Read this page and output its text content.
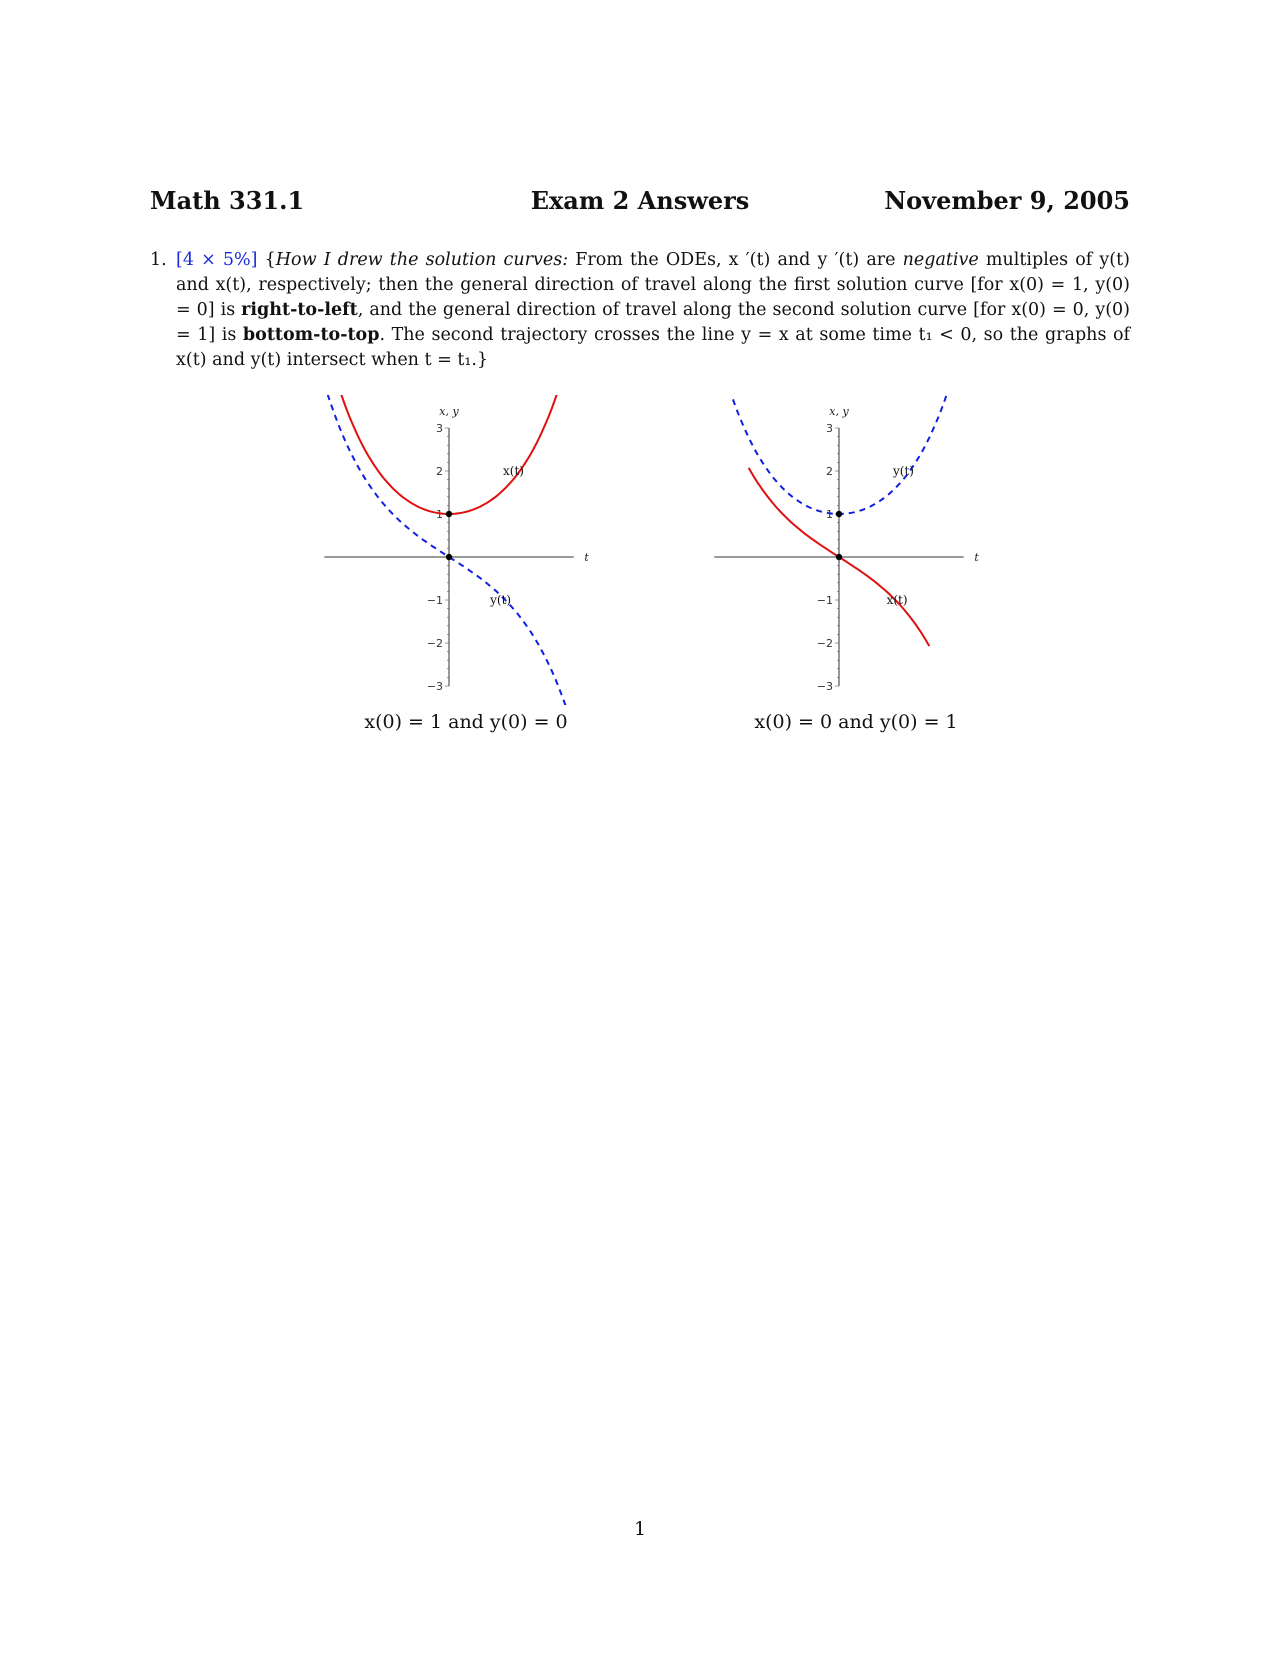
Math 331.1	Exam 2 Answers	November 9, 2005
1. [4 × 5%] {How I drew the solution curves: From the ODEs, x ′(t) and y ′(t) are negative multiples of y(t) and x(t), respectively; then the general direction of travel along the first solution curve [for x(0) = 1, y(0) = 0] is right-to-left, and the general direction of travel along the second solution curve [for x(0) = 0, y(0) = 1] is bottom-to-top. The second trajectory crosses the line y = x at some time t₁ < 0, so the graphs of x(t) and y(t) intersect when t = t₁.}
3
2
1
−1
−2
−3
x, y
t
x(t)
y(t)
x(0) = 1 and y(0) = 0
3
2
1
−1
−2
−3
x, y
t
y(t)
x(t)
x(0) = 0 and y(0) = 1
1
